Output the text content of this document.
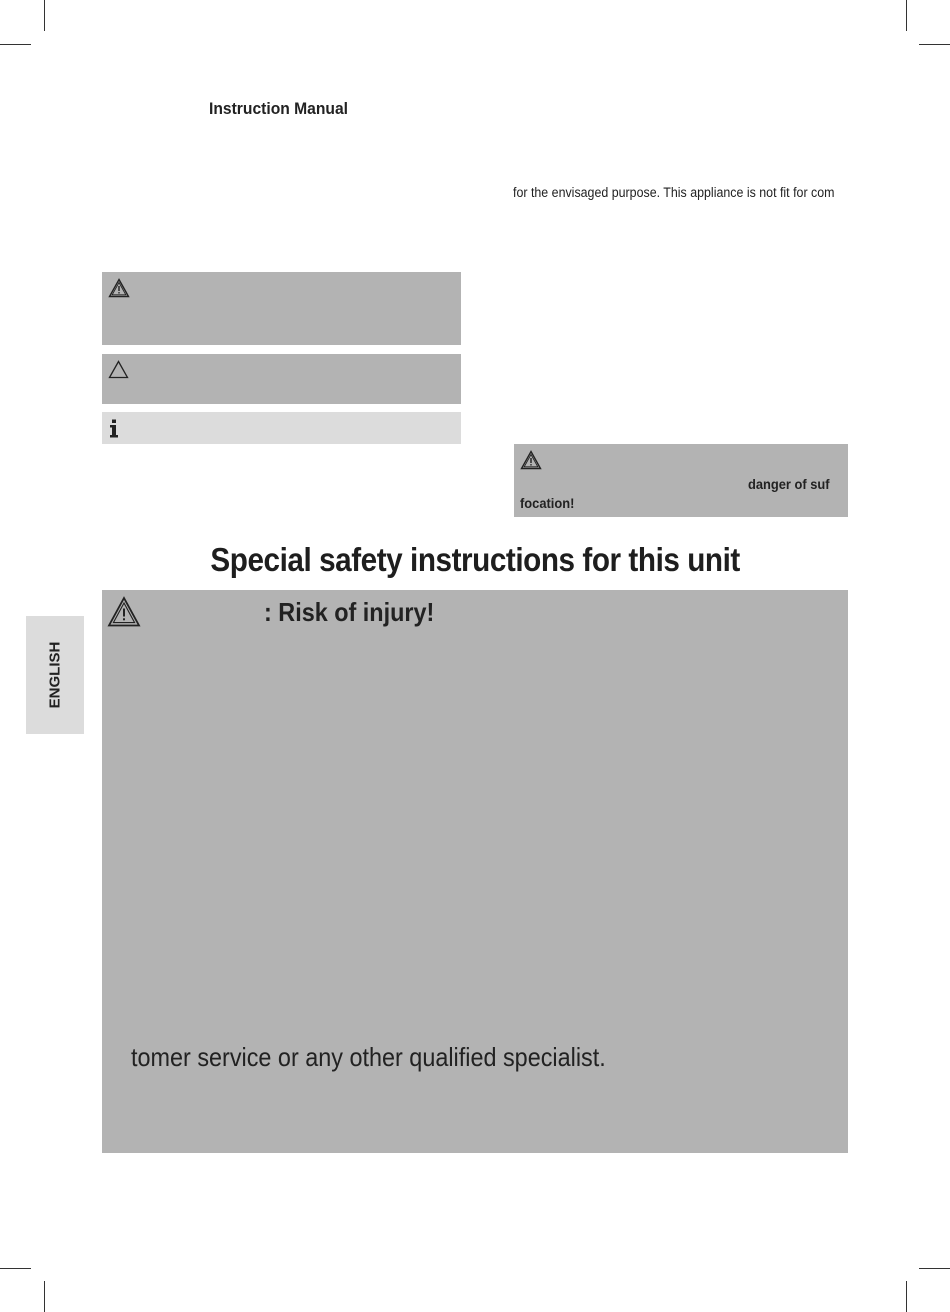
Instruction Manual
for the envisaged purpose. This appliance is not fit for com
danger of suf
focation!
Special safety instructions for this unit
: Risk of injury!
tomer service or any other qualified specialist.
ENGLISH
